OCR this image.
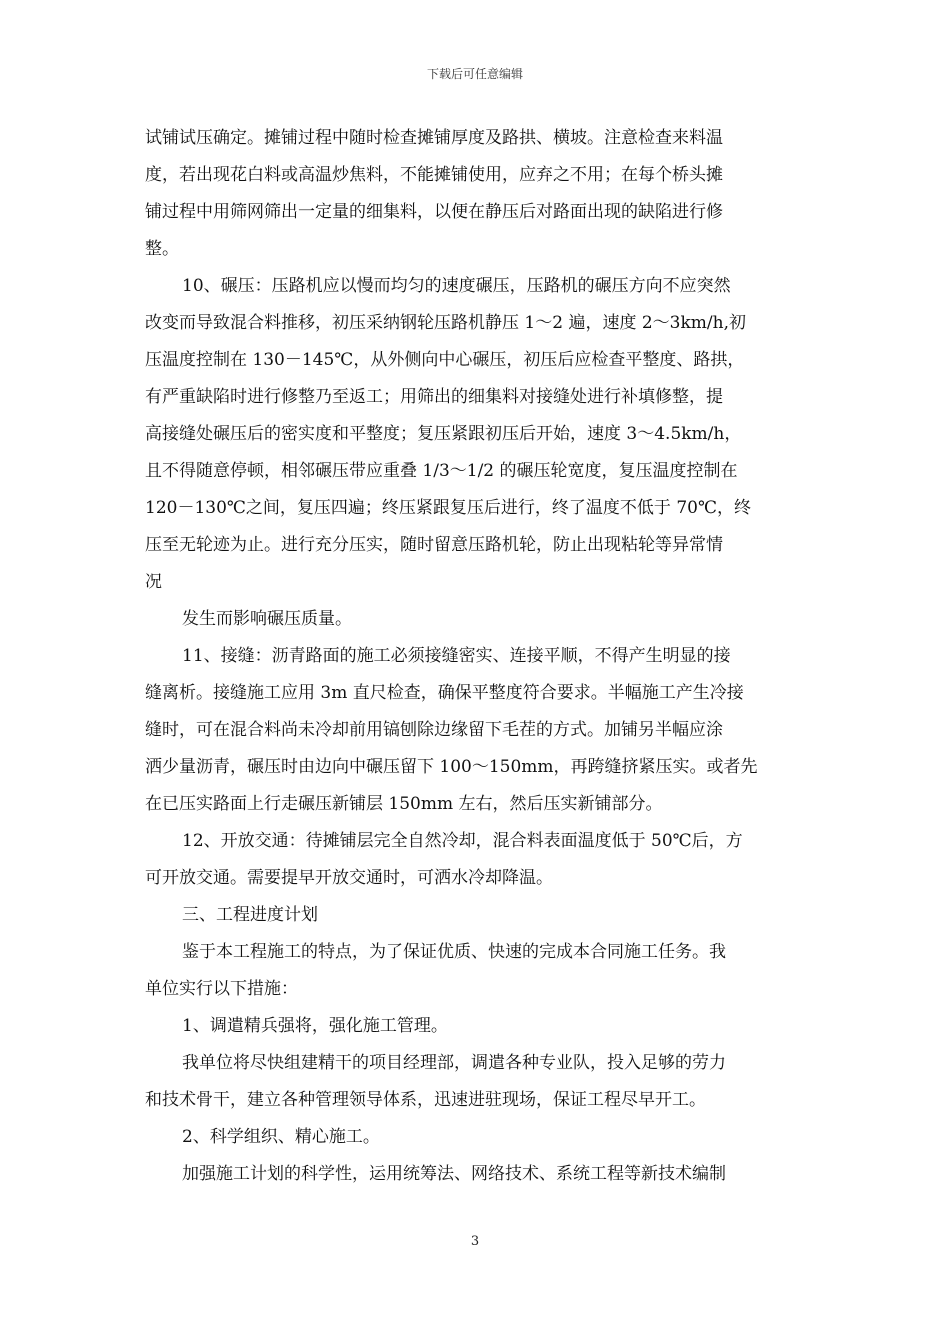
下载后可任意编辑

试铺试压确定。摊铺过程中随时检查摊铺厚度及路拱、横坡。注意检查来料温
度，若出现花白料或高温炒焦料，不能摊铺使用，应弃之不用；在每个桥头摊
铺过程中用筛网筛出一定量的细集料，以便在静压后对路面出现的缺陷进行修
整。

10、碾压：压路机应以慢而均匀的速度碾压，压路机的碾压方向不应突然
改变而导致混合料推移，初压采纳钢轮压路机静压 1～2 遍，速度 2～3km/h,初
压温度控制在 130－145℃，从外侧向中心碾压，初压后应检查平整度、路拱，
有严重缺陷时进行修整乃至返工；用筛出的细集料对接缝处进行补填修整，提
高接缝处碾压后的密实度和平整度；复压紧跟初压后开始，速度 3～4.5km/h，
且不得随意停顿，相邻碾压带应重叠 1/3～1/2 的碾压轮宽度，复压温度控制在
120－130℃之间，复压四遍；终压紧跟复压后进行，终了温度不低于 70℃，终
压至无轮迹为止。进行充分压实，随时留意压路机轮，防止出现粘轮等异常情
况

发生而影响碾压质量。

11、接缝：沥青路面的施工必须接缝密实、连接平顺，不得产生明显的接
缝离析。接缝施工应用 3m 直尺检查，确保平整度符合要求。半幅施工产生冷接
缝时，可在混合料尚未冷却前用镐刨除边缘留下毛茬的方式。加铺另半幅应涂
洒少量沥青，碾压时由边向中碾压留下 100～150mm，再跨缝挤紧压实。或者先
在已压实路面上行走碾压新铺层 150mm 左右，然后压实新铺部分。

12、开放交通：待摊铺层完全自然冷却，混合料表面温度低于 50℃后，方
可开放交通。需要提早开放交通时，可洒水冷却降温。

三、工程进度计划

鉴于本工程施工的特点，为了保证优质、快速的完成本合同施工任务。我
单位实行以下措施：

1、调遣精兵强将，强化施工管理。

我单位将尽快组建精干的项目经理部，调遣各种专业队，投入足够的劳力
和技术骨干，建立各种管理领导体系，迅速进驻现场，保证工程尽早开工。

2、科学组织、精心施工。

加强施工计划的科学性，运用统筹法、网络技术、系统工程等新技术编制

3
